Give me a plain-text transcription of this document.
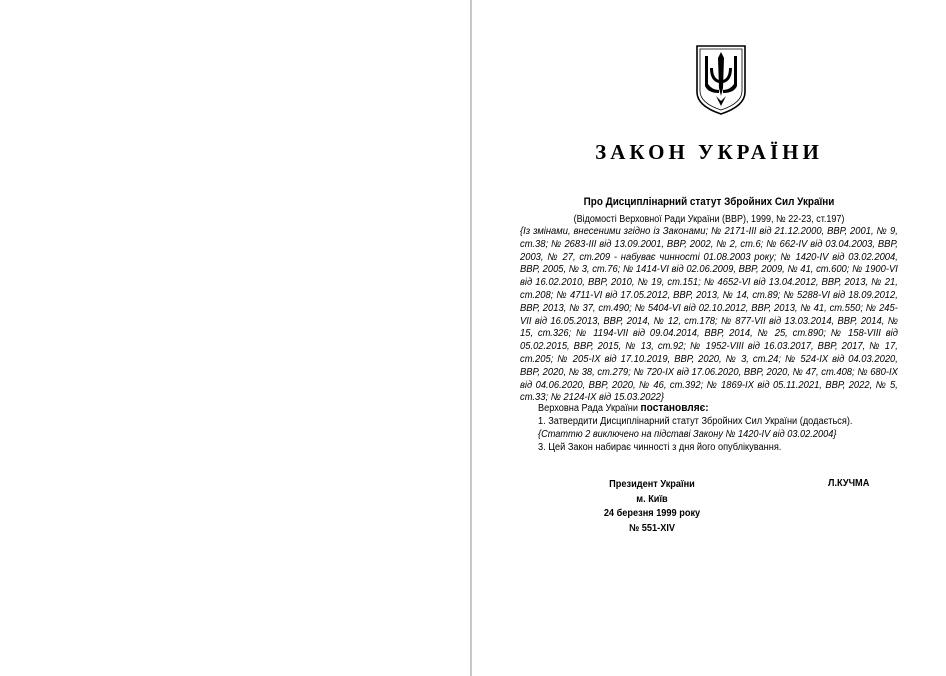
ЗАКОН УКРАЇНИ
Про Дисциплінарний статут Збройних Сил України
(Відомості Верховної Ради України (ВВР), 1999, № 22-23, ст.197)
{Із змінами, внесеними згідно із Законами; № 2171-III від 21.12.2000, ВВР, 2001, № 9, ст.38; № 2683-III від 13.09.2001, ВВР, 2002, № 2, ст.6; № 662-IV від 03.04.2003, ВВР, 2003, № 27, ст.209 - набуває чинності 01.08.2003 року; № 1420-IV від 03.02.2004, ВВР, 2005, № 3, ст.76; № 1414-VI від 02.06.2009, ВВР, 2009, № 41, ст.600; № 1900-VI від 16.02.2010, ВВР, 2010, № 19, ст.151; № 4652-VI від 13.04.2012, ВВР, 2013, № 21, ст.208; № 4711-VI від 17.05.2012, ВВР, 2013, № 14, ст.89; № 5288-VI від 18.09.2012, ВВР, 2013, № 37, ст.490; № 5404-VI від 02.10.2012, ВВР, 2013, № 41, ст.550; № 245-VII від 16.05.2013, ВВР, 2014, № 12, ст.178; № 877-VII від 13.03.2014, ВВР, 2014, № 15, ст.326; № 1194-VII від 09.04.2014, ВВР, 2014, № 25, ст.890; № 158-VIII від 05.02.2015, ВВР, 2015, № 13, ст.92; № 1952-VIII від 16.03.2017, ВВР, 2017, № 17, ст.205; № 205-IX від 17.10.2019, ВВР, 2020, № 3, ст.24; № 524-IX від 04.03.2020, ВВР, 2020, № 38, ст.279; № 720-IX від 17.06.2020, ВВР, 2020, № 47, ст.408; № 680-IX від 04.06.2020, ВВР, 2020, № 46, ст.392; № 1869-IX від 05.11.2021, ВВР, 2022, № 5, ст.33; № 2124-IX від 15.03.2022}
Верховна Рада України постановляє:
1. Затвердити Дисциплінарний статут Збройних Сил України (додається).
{Статтю 2 виключено на підставі Закону № 1420-IV від 03.02.2004}
3. Цей Закон набирає чинності з дня його опублікування.
Президент України
м. Київ
24 березня 1999 року
№ 551-XIV
Л.КУЧМА
